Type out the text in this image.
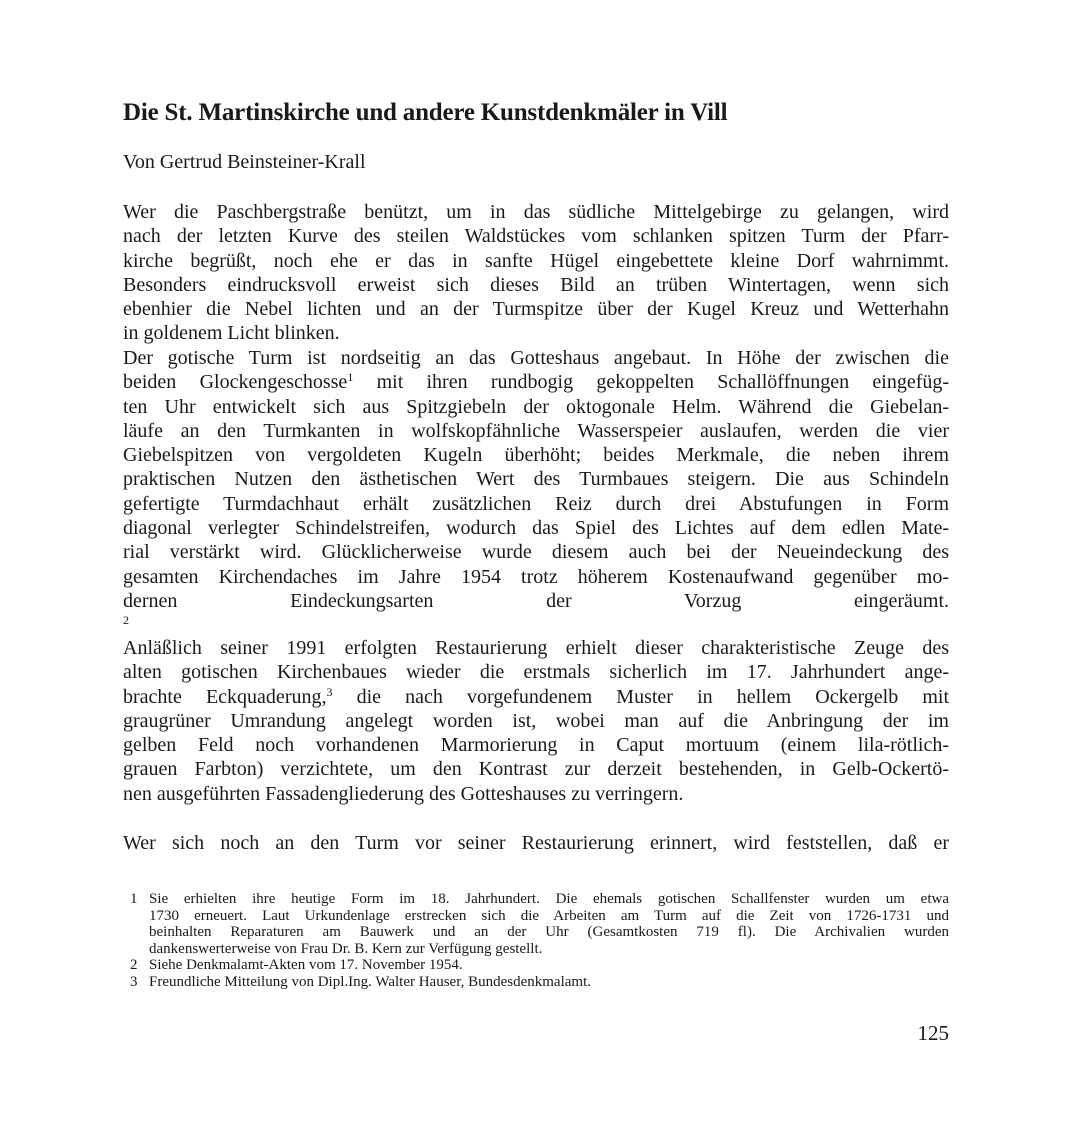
Die St. Martinskirche und andere Kunstdenkmäler in Vill

Von Gertrud Beinsteiner-Krall

Wer die Paschbergstraße benützt, um in das südliche Mittelgebirge zu gelangen, wird
nach der letzten Kurve des steilen Waldstückes vom schlanken spitzen Turm der Pfarr-
kirche begrüßt, noch ehe er das in sanfte Hügel eingebettete kleine Dorf wahrnimmt.
Besonders eindrucksvoll erweist sich dieses Bild an trüben Wintertagen, wenn sich
ebenhier die Nebel lichten und an der Turmspitze über der Kugel Kreuz und Wetterhahn
in goldenem Licht blinken.
Der gotische Turm ist nordseitig an das Gotteshaus angebaut. In Höhe der zwischen die
beiden Glockengeschosse$^1$ mit ihren rundbogig gekoppelten Schallöffnungen eingefüg-
ten Uhr entwickelt sich aus Spitzgiebeln der oktogonale Helm. Während die Giebelan-
läufe an den Turmkanten in wolfskopfähnliche Wasserspeier auslaufen, werden die vier
Giebelspitzen von vergoldeten Kugeln überhöht; beides Merkmale, die neben ihrem
praktischen Nutzen den ästhetischen Wert des Turmbaues steigern. Die aus Schindeln
gefertigte Turmdachhaut erhält zusätzlichen Reiz durch drei Abstufungen in Form
diagonal verlegter Schindelstreifen, wodurch das Spiel des Lichtes auf dem edlen Mate-
rial verstärkt wird. Glücklicherweise wurde diesem auch bei der Neueindeckung des
gesamten Kirchendaches im Jahre 1954 trotz höherem Kostenaufwand gegenüber mo-
dernen Eindeckungsarten der Vorzug eingeräumt.
$^2$
Anläßlich seiner 1991 erfolgten Restaurierung erhielt dieser charakteristische Zeuge des
alten gotischen Kirchenbaues wieder die erstmals sicherlich im 17. Jahrhundert ange-
brachte Eckquaderung,$^3$ die nach vorgefundenem Muster in hellem Ockergelb mit
graugrüner Umrandung angelegt worden ist, wobei man auf die Anbringung der im
gelben Feld noch vorhandenen Marmorierung in Caput mortuum (einem lila-rötlich-
grauen Farbton) verzichtete, um den Kontrast zur derzeit bestehenden, in Gelb-Ockertö-
nen ausgeführten Fassadengliederung des Gotteshauses zu verringern.
Wer sich noch an den Turm vor seiner Restaurierung erinnert, wird feststellen, daß er
1 Sie erhielten ihre heutige Form im 18. Jahrhundert. Die ehemals gotischen Schallfenster wurden um etwa
1730 erneuert. Laut Urkundenlage erstrecken sich die Arbeiten am Turm auf die Zeit von 1726-1731 und
beinhalten Reparaturen am Bauwerk und an der Uhr (Gesamtkosten 719 fl). Die Archivalien wurden
dankenswerterweise von Frau Dr. B. Kern zur Verfügung gestellt.
2 Siehe Denkmalamt-Akten vom 17. November 1954.
3 Freundliche Mitteilung von Dipl.Ing. Walter Hauser, Bundesdenkmalamt.
125
